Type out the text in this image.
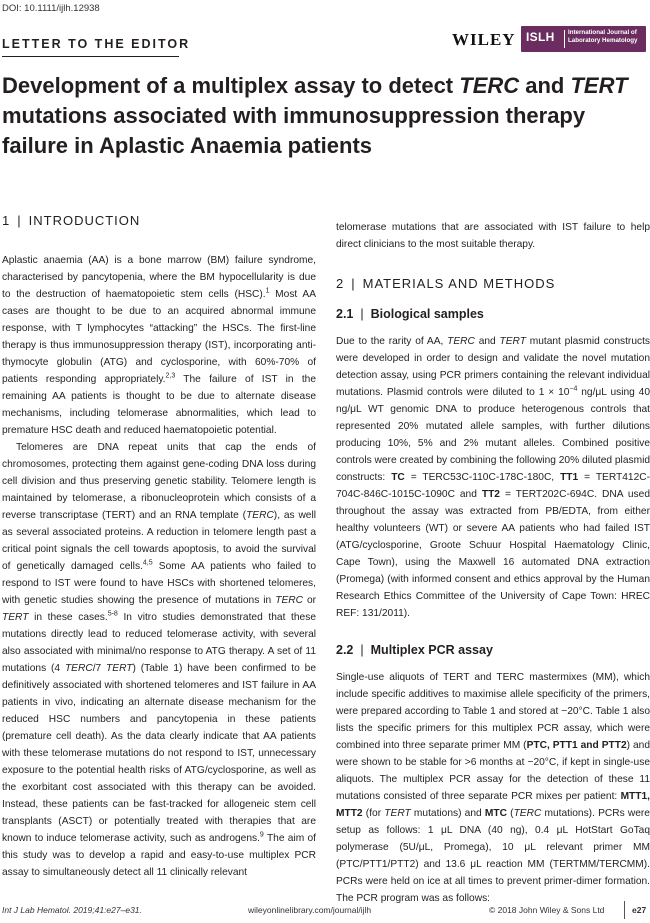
DOI: 10.1111/ijlh.12938
LETTER TO THE EDITOR	WILEY ISLH International Journal of Laboratory Hematology
Development of a multiplex assay to detect TERC and TERT mutations associated with immunosuppression therapy failure in Aplastic Anaemia patients
1 | INTRODUCTION

Aplastic anaemia (AA) is a bone marrow (BM) failure syndrome, characterised by pancytopenia, where the BM hypocellularity is due to the destruction of haematopoietic stem cells (HSC).$^1$ Most AA cases are thought to be due to an acquired abnormal immune response, with T lymphocytes “attacking” the HSCs. The first-line therapy is thus immunosuppression therapy (IST), incorporating anti-thymocyte globulin (ATG) and cyclosporine, with 60%-70% of patients responding appropriately.$^{2,3}$ The failure of IST in the remaining AA patients is thought to be due to alternate disease mechanisms, including telomerase abnormalities, which lead to premature HSC death and reduced haematopoietic potential.

Telomeres are DNA repeat units that cap the ends of chromosomes, protecting them against gene-coding DNA loss during cell division and thus preserving genetic stability. Telomere length is maintained by telomerase, a ribonucleoprotein which consists of a reverse transcriptase (TERT) and an RNA template (TERC), as well as several associated proteins. A reduction in telomere length past a critical point signals the cell towards apoptosis, to avoid the survival of genetically damaged cells.$^{4,5}$ Some AA patients who failed to respond to IST were found to have HSCs with shortened telomeres, with genetic studies showing the presence of mutations in TERC or TERT in these cases.$^{5-8}$ In vitro studies demonstrated that these mutations directly lead to reduced telomerase activity, with several also associated with minimal/no response to ATG therapy. A set of 11 mutations (4 TERC/7 TERT) (Table 1) have been confirmed to be definitively associated with shortened telomeres and IST failure in AA patients in vivo, indicating an alternate disease mechanism for the reduced HSC numbers and pancytopenia in these patients (premature cell death). As the data clearly indicate that AA patients with these telomerase mutations do not respond to IST, unnecessary exposure to the potential health risks of ATG/cyclosporine, as well as the exorbitant cost associated with this therapy can be avoided. Instead, these patients can be fast-tracked for allogeneic stem cell transplants (ASCT) or potentially treated with therapies that are known to induce telomerase activity, such as androgens.$^9$ The aim of this study was to develop a rapid and easy-to-use multiplex PCR assay to simultaneously detect all 11 clinically relevant

telomerase mutations that are associated with IST failure to help direct clinicians to the most suitable therapy.

2 | MATERIALS AND METHODS
2.1 | Biological samples

Due to the rarity of AA, TERC and TERT mutant plasmid constructs were developed in order to design and validate the novel mutation detection assay, using PCR primers containing the relevant individual mutations. Plasmid controls were diluted to $1 \times 10^{-4}$ ng/μL using 40 ng/μL WT genomic DNA to produce heterogenous controls that represented 20% mutated allele samples, with further dilutions producing 10%, 5% and 2% mutant alleles. Combined positive controls were created by combining the following 20% diluted plasmid constructs: TC = TERC53C-110C-178C-180C, TT1 = TERT412C-704C-846C-1015C-1090C and TT2 = TERT202C-694C. DNA used throughout the assay was extracted from PB/EDTA, from either healthy volunteers (WT) or severe AA patients who had failed IST (ATG/cyclosporine, Groote Schuur Hospital Haematology Clinic, Cape Town), using the Maxwell 16 automated DNA extraction (Promega) (with informed consent and ethics approval by the Human Research Ethics Committee of the University of Cape Town: HREC REF: 131/2011).

2.2 | Multiplex PCR assay

Single-use aliquots of TERT and TERC mastermixes (MM), which include specific additives to maximise allele specificity of the primers, were prepared according to Table 1 and stored at −20°C. Table 1 also lists the specific primers for this multiplex PCR assay, which were combined into three separate primer MM (PTC, PTT1 and PTT2) and were shown to be stable for >6 months at −20°C, if kept in single-use aliquots. The multiplex PCR assay for the detection of these 11 mutations consisted of three separate PCR mixes per patient: MTT1, MTT2 (for TERT mutations) and MTC (TERC mutations). PCRs were setup as follows: 1 μL DNA (40 ng), 0.4 μL HotStart GoTaq polymerase (5U/μL, Promega), 10 μL relevant primer MM (PTC/PTT1/PTT2) and 13.6 μL reaction MM (TERTMM/TERCMM). PCRs were held on ice at all times to prevent primer-dimer formation. The PCR program was as follows:

Int J Lab Hematol. 2019;41:e27–e31.	wileyonlinelibrary.com/journal/ijlh	© 2018 John Wiley & Sons Ltd	e27
